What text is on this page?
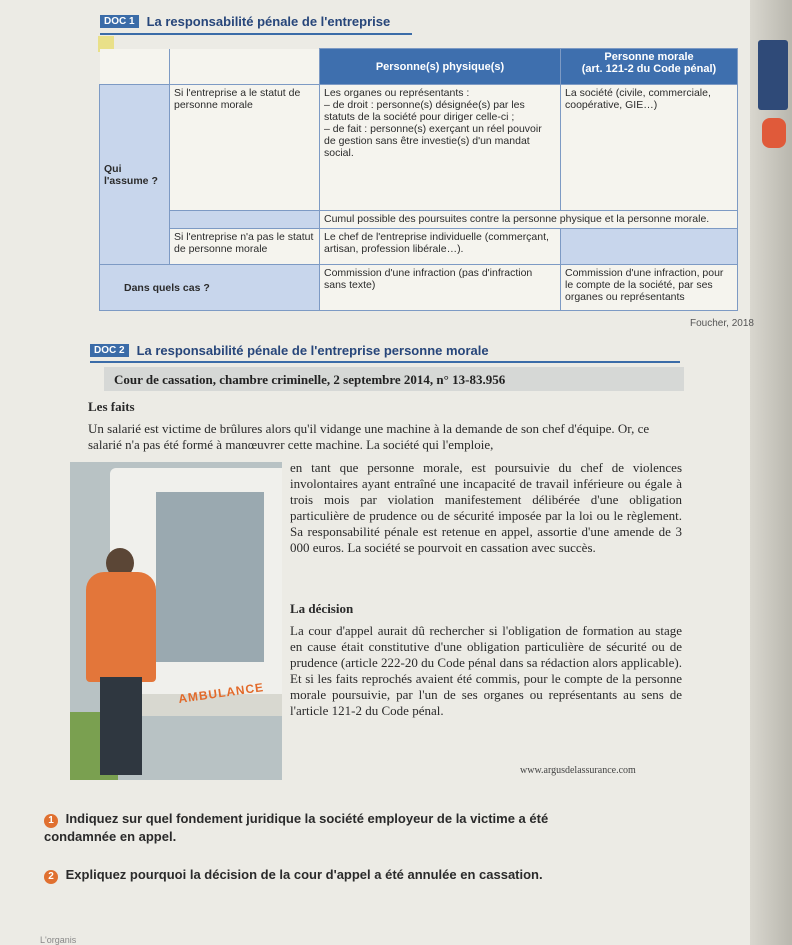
DOC 1 La responsabilité pénale de l'entreprise
		Personne(s) physique(s)	Personne morale
(art. 121-2 du Code pénal)

Qui l'assume ?	Si l'entreprise a le statut de personne morale	Les organes ou représentants :
– de droit : personne(s) désignée(s) par les statuts de la société pour diriger celle-ci ;
– de fait : personne(s) exerçant un réel pouvoir de gestion sans être investie(s) d'un mandat social.	La société (civile, commerciale, coopérative, GIE…)
		Cumul possible des poursuites contre la personne physique et la personne morale.	
	Si l'entreprise n'a pas le statut de personne morale	Le chef de l'entreprise individuelle (commerçant, artisan, profession libérale…).	
Dans quels cas ?		Commission d'une infraction (pas d'infraction sans texte)	Commission d'une infraction, pour le compte de la société, par ses organes ou représentants
Foucher, 2018
DOC 2 La responsabilité pénale de l'entreprise personne morale
Cour de cassation, chambre criminelle, 2 septembre 2014, n° 13-83.956
Les faits
Un salarié est victime de brûlures alors qu'il vidange une machine à la demande de son chef d'équipe. Or, ce salarié n'a pas été formé à manœuvrer cette machine. La société qui l'emploie,
AMBULANCE
en tant que personne morale, est poursuivie du chef de violences involontaires ayant entraîné une incapacité de travail inférieure ou égale à trois mois par violation manifestement délibérée d'une obligation particulière de prudence ou de sécurité imposée par la loi ou le règlement. Sa responsabilité pénale est retenue en appel, assortie d'une amende de 3 000 euros. La société se pourvoit en cassation avec succès.
La décision
La cour d'appel aurait dû rechercher si l'obligation de formation au stage en cause était constitutive d'une obligation particulière de sécurité ou de prudence (article 222-20 du Code pénal dans sa rédaction alors applicable). Et si les faits reprochés avaient été commis, pour le compte de la personne morale poursuivie, par l'un de ses organes ou représentants au sens de l'article 121-2 du Code pénal.
www.argusdelassurance.com
1 Indiquez sur quel fondement juridique la société employeur de la victime a été condamnée en appel.
2 Expliquez pourquoi la décision de la cour d'appel a été annulée en cassation.
L'organis
